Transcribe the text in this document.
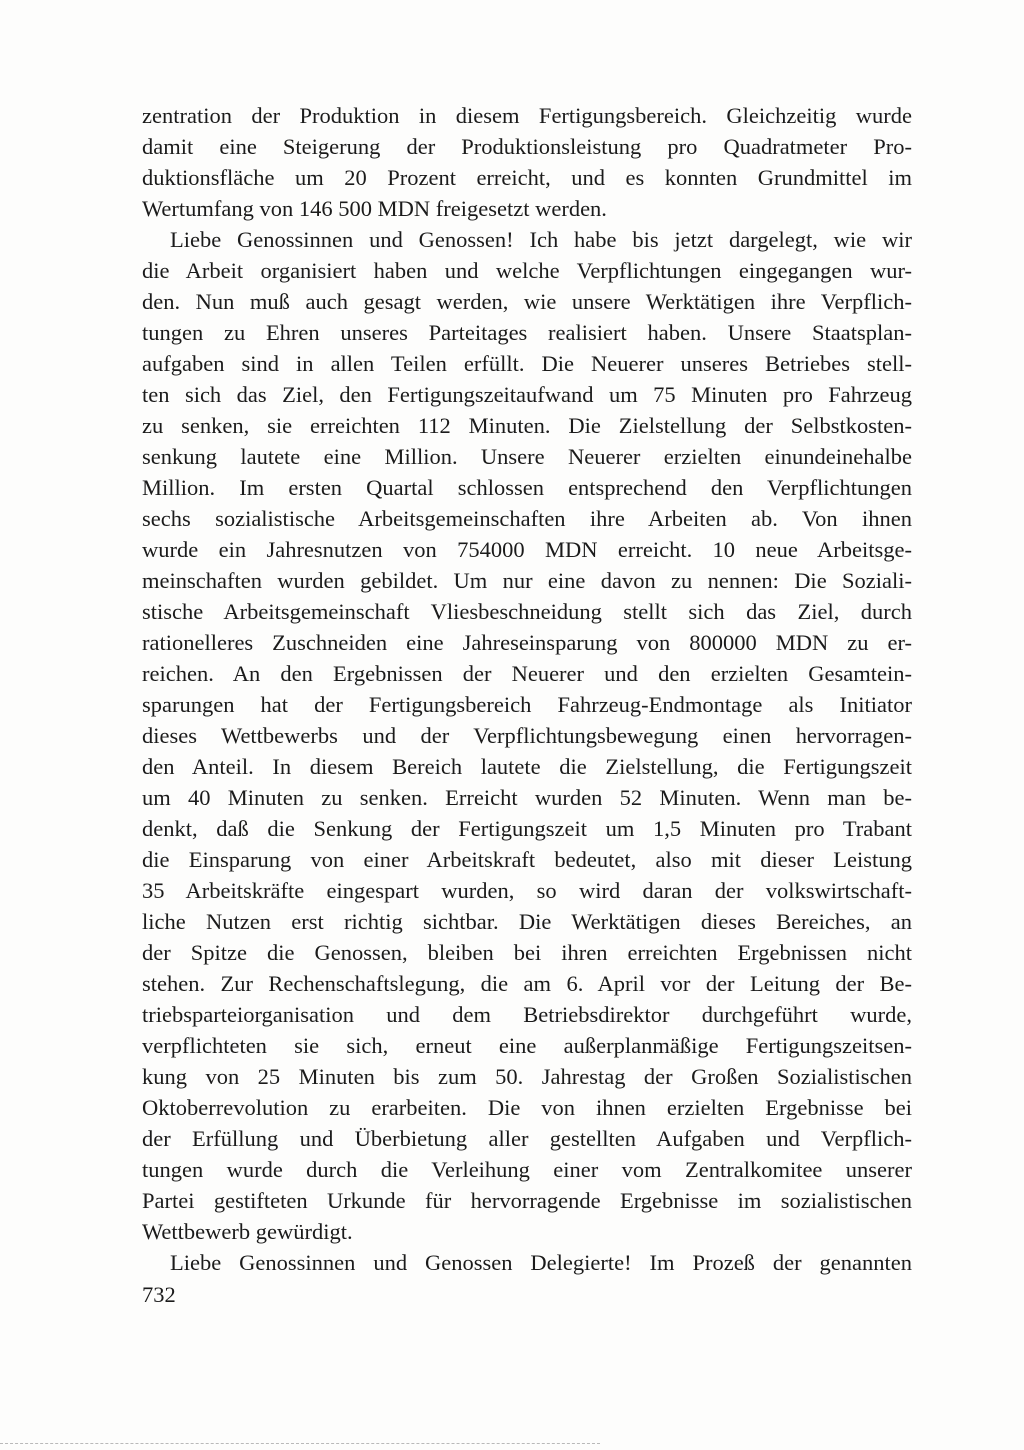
zentration der Produktion in diesem Fertigungsbereich. Gleichzeitig wurde
damit eine Steigerung der Produktionsleistung pro Quadratmeter Pro-
duktionsfläche um 20 Prozent erreicht, und es konnten Grundmittel im
Wertumfang von 146 500 MDN freigesetzt werden.
Liebe Genossinnen und Genossen! Ich habe bis jetzt dargelegt, wie wir
die Arbeit organisiert haben und welche Verpflichtungen eingegangen wur-
den. Nun muß auch gesagt werden, wie unsere Werktätigen ihre Verpflich-
tungen zu Ehren unseres Parteitages realisiert haben. Unsere Staatsplan-
aufgaben sind in allen Teilen erfüllt. Die Neuerer unseres Betriebes stell-
ten sich das Ziel, den Fertigungszeitaufwand um 75 Minuten pro Fahrzeug
zu senken, sie erreichten 112 Minuten. Die Zielstellung der Selbstkosten-
senkung lautete eine Million. Unsere Neuerer erzielten einundeinehalbe
Million. Im ersten Quartal schlossen entsprechend den Verpflichtungen
sechs sozialistische Arbeitsgemeinschaften ihre Arbeiten ab. Von ihnen
wurde ein Jahresnutzen von 754000 MDN erreicht. 10 neue Arbeitsge-
meinschaften wurden gebildet. Um nur eine davon zu nennen: Die Soziali-
stische Arbeitsgemeinschaft Vliesbeschneidung stellt sich das Ziel, durch
rationelleres Zuschneiden eine Jahreseinsparung von 800000 MDN zu er-
reichen. An den Ergebnissen der Neuerer und den erzielten Gesamtein-
sparungen hat der Fertigungsbereich Fahrzeug-Endmontage als Initiator
dieses Wettbewerbs und der Verpflichtungsbewegung einen hervorragen-
den Anteil. In diesem Bereich lautete die Zielstellung, die Fertigungszeit
um 40 Minuten zu senken. Erreicht wurden 52 Minuten. Wenn man be-
denkt, daß die Senkung der Fertigungszeit um 1,5 Minuten pro Trabant
die Einsparung von einer Arbeitskraft bedeutet, also mit dieser Leistung
35 Arbeitskräfte eingespart wurden, so wird daran der volkswirtschaft-
liche Nutzen erst richtig sichtbar. Die Werktätigen dieses Bereiches, an
der Spitze die Genossen, bleiben bei ihren erreichten Ergebnissen nicht
stehen. Zur Rechenschaftslegung, die am 6. April vor der Leitung der Be-
triebsparteiorganisation und dem Betriebsdirektor durchgeführt wurde,
verpflichteten sie sich, erneut eine außerplanmäßige Fertigungszeitsen-
kung von 25 Minuten bis zum 50. Jahrestag der Großen Sozialistischen
Oktoberrevolution zu erarbeiten. Die von ihnen erzielten Ergebnisse bei
der Erfüllung und Überbietung aller gestellten Aufgaben und Verpflich-
tungen wurde durch die Verleihung einer vom Zentralkomitee unserer
Partei gestifteten Urkunde für hervorragende Ergebnisse im sozialistischen
Wettbewerb gewürdigt.
Liebe Genossinnen und Genossen Delegierte! Im Prozeß der genannten
732
